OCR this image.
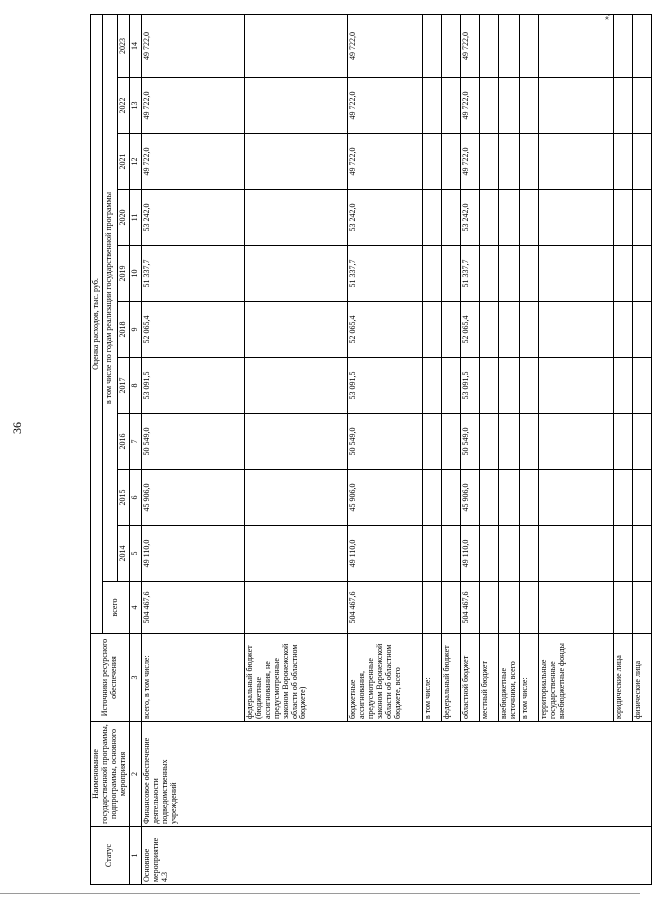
36
»,
Статус	Наименование государственной программы, подпрограммы, основного мероприятия	Источники ресурсного обеспечения	Оценка расходов, тыс. руб.										
			всего	в том числе по годам реализации государственной программы									
				2014	2015	2016	2017	2018	2019	2020	2021	2022	2023
1	2	3	4	5	6	7	8	9	10	11	12	13	14
Основное мероприятие 4.3	Финансовое обеспечение деятельности подведомственных учреждений	всего, в том числе:	504 467,6	49 110,0	45 906,0	50 549,0	53 091,5	52 065,4	51 337,7	53 242,0	49 722,0	49 722,0	49 722,0
		федеральный бюджет (бюджетные ассигнования, не предусмотренные законом Воронежской области об областном бюджете)											
		бюджетные ассигнования, предусмотренные законом Воронежской области об областном бюджете, всего	504 467,6	49 110,0	45 906,0	50 549,0	53 091,5	52 065,4	51 337,7	53 242,0	49 722,0	49 722,0	49 722,0
		в том числе:											
		федеральный бюджет											
		областной бюджет	504 467,6	49 110,0	45 906,0	50 549,0	53 091,5	52 065,4	51 337,7	53 242,0	49 722,0	49 722,0	49 722,0
		местный бюджет											
		внебюджетные источники, всего											
		в том числе:											
		территориальные государственные внебюджетные фонды											
		юридические лица											
		физические лица											
